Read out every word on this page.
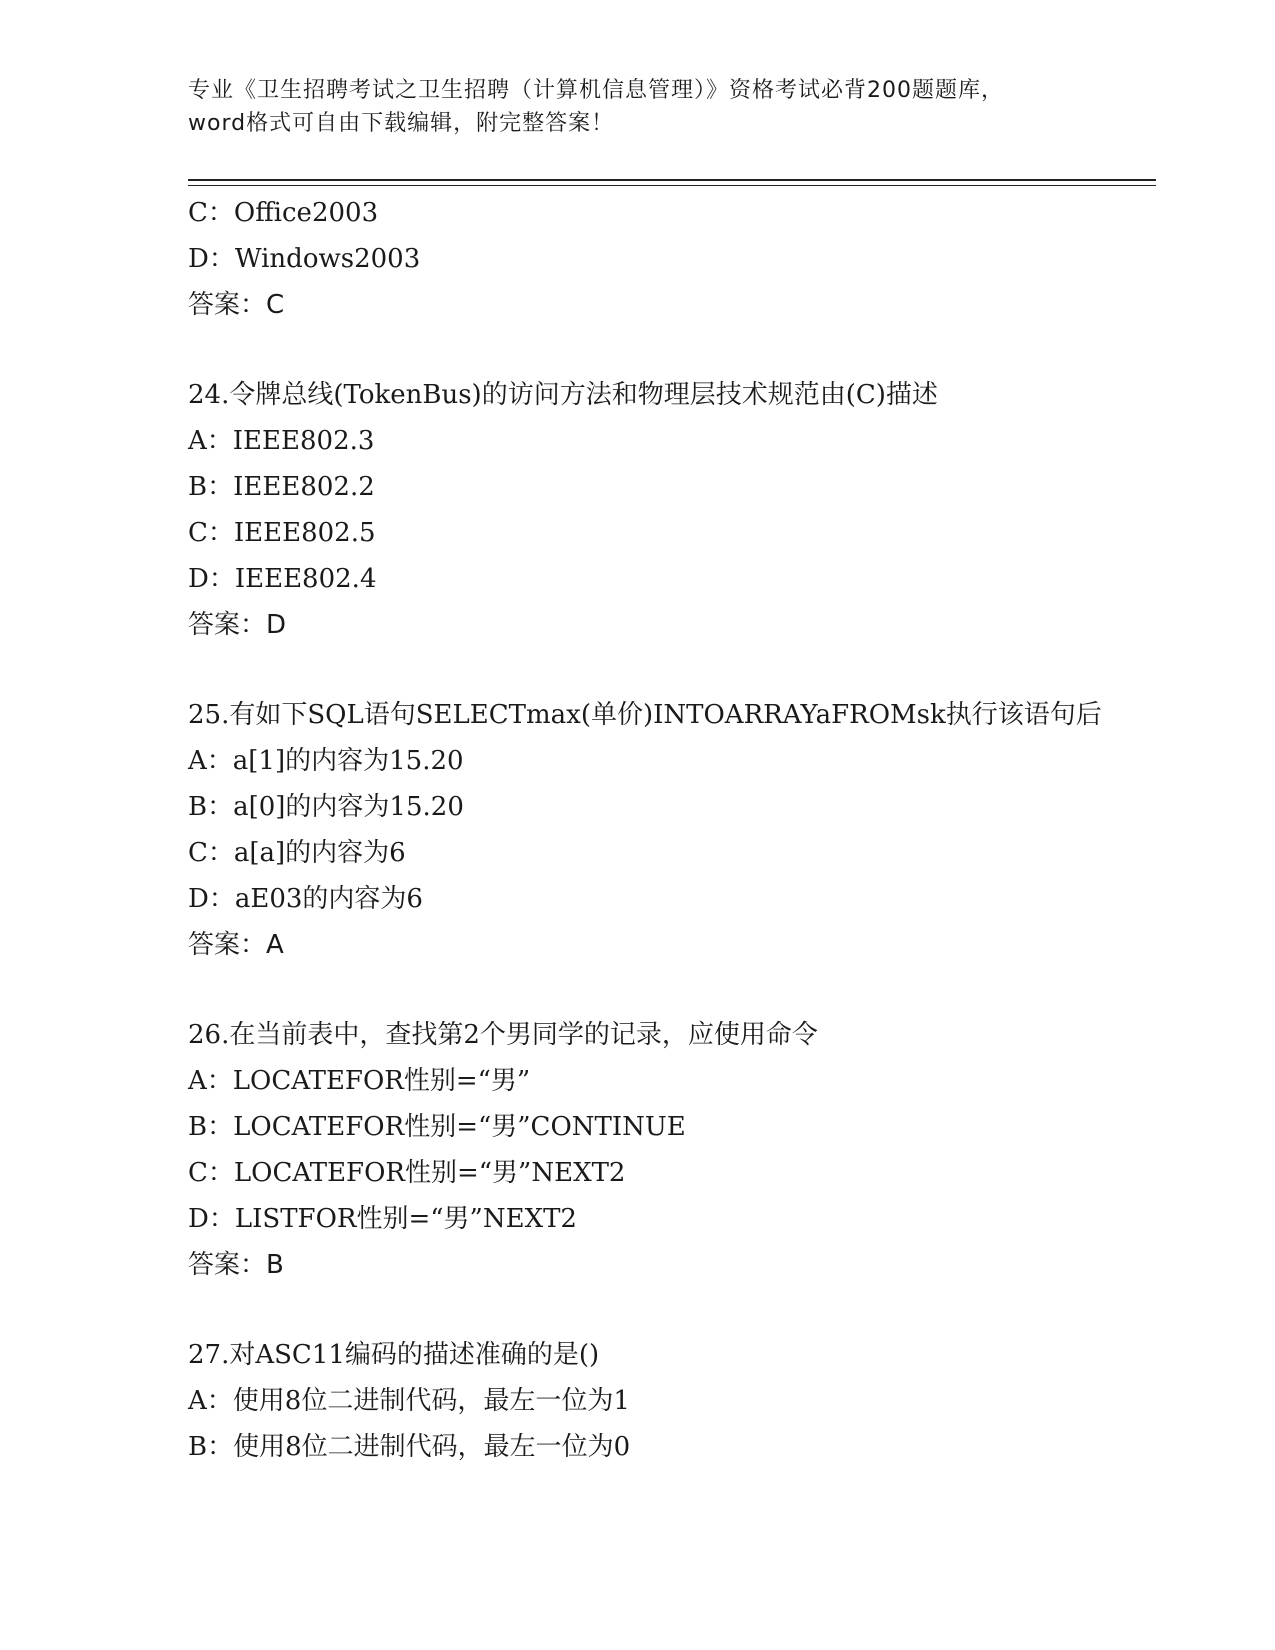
专业《卫生招聘考试之卫生招聘（计算机信息管理）》资格考试必背200题题库，
word格式可自由下载编辑，附完整答案！
C：Office2003
D：Windows2003
答案：C
24.令牌总线(TokenBus)的访问方法和物理层技术规范由(C)描述
A：IEEE802.3
B：IEEE802.2
C：IEEE802.5
D：IEEE802.4
答案：D
25.有如下SQL语句SELECTmax(单价)INTOARRAYaFROMsk执行该语句后
A：a[1]的内容为15.20
B：a[0]的内容为15.20
C：a[a]的内容为6
D：aE03的内容为6
答案：A
26.在当前表中，查找第2个男同学的记录，应使用命令
A：LOCATEFOR性别=“男”
B：LOCATEFOR性别=“男”CONTINUE
C：LOCATEFOR性别=“男”NEXT2
D：LISTFOR性别=“男”NEXT2
答案：B
27.对ASC11编码的描述准确的是()
A：使用8位二进制代码，最左一位为1
B：使用8位二进制代码，最左一位为0
